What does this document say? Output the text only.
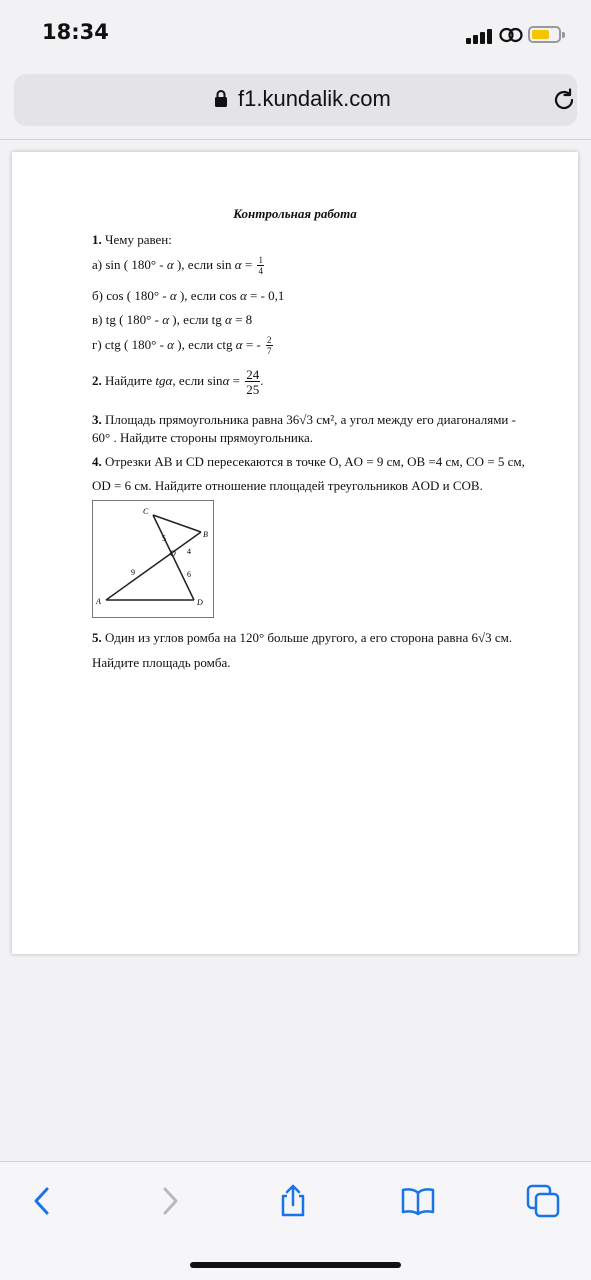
18:34
f1.kundalik.com
Контрольная работа
1. Чему равен:
а) sin ( 180° - α ), если $\sin \alpha = \frac{1}{4}$
б) cos ( 180° - α ), если cos α = - 0,1
в) tg ( 180° - α ), если tg α = 8
г) ctg ( 180° - α ), если ctg α = - $\frac{2}{7}$
2. Найдите tgα, если $\sin\alpha = \frac{24}{25}$ .
3. Площадь прямоугольника равна 36√3 см², а угол между его диагоналями -
60° . Найдите стороны прямоугольника.
4. Отрезки AB и CD пересекаются в точке O, AO = 9 см, OB =4 см, CO = 5 см,
OD = 6 см. Найдите отношение площадей треугольников AOD и COB.
C
B
O
A	D
5
4
9	6
5. Один из углов ромба на 120° больше другого, а его сторона равна 6√3 см.
Найдите площадь ромба.
